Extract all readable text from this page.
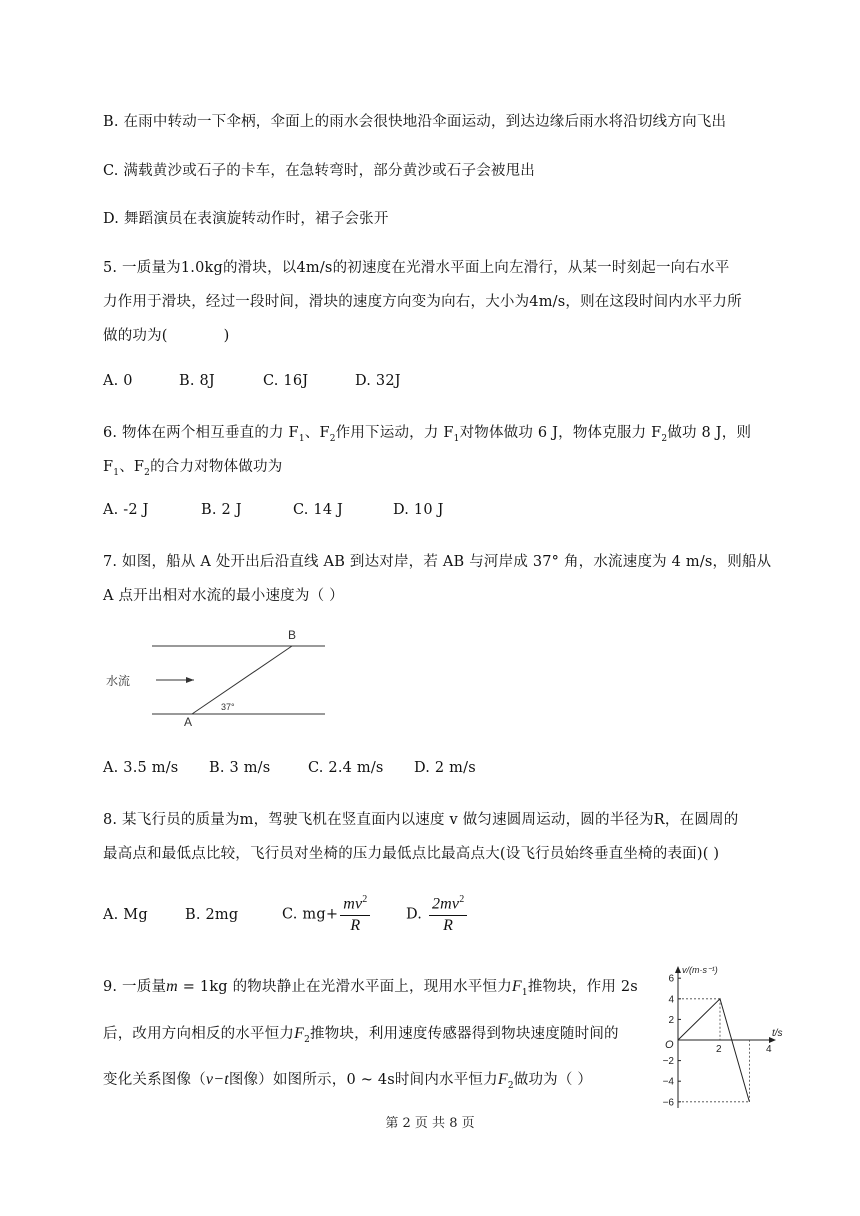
B. 在雨中转动一下伞柄，伞面上的雨水会很快地沿伞面运动，到达边缘后雨水将沿切线方向飞出
C. 满载黄沙或石子的卡车，在急转弯时，部分黄沙或石子会被甩出
D. 舞蹈演员在表演旋转动作时，裙子会张开
5. 一质量为1.0kg的滑块，以4m/s的初速度在光滑水平面上向左滑行，从某一时刻起一向右水平
力作用于滑块，经过一段时间，滑块的速度方向变为向右，大小为4m/s，则在这段时间内水平力所
做的功为(	)
A. 0	B. 8J	C. 16J	D. 32J
6. 物体在两个相互垂直的力 $F_1$、$F_2$作用下运动，力 $F_1$对物体做功 6 J，物体克服力 $F_2$做功 8 J，则
$F_1$、$F_2$的合力对物体做功为
A. -2 J	B. 2 J	C. 14 J	D. 10 J
7. 如图，船从 A 处开出后沿直线 AB 到达对岸，若 AB 与河岸成 37° 角，水流速度为 4 m/s，则船从
A 点开出相对水流的最小速度为（ ）
B
A
水流
37°
A. 3.5 m/s B. 3 m/s	C. 2.4 m/s D. 2 m/s
8. 某飞行员的质量为m，驾驶飞机在竖直面内以速度 v 做匀速圆周运动，圆的半径为R，在圆周的
最高点和最低点比较，飞行员对坐椅的压力最低点比最高点大(设飞行员始终垂直坐椅的表面)( )
A. Mg	B. 2mg	C. $mg+ \frac{mv^2}{R} D$. $\frac{2mv^2}{R}$
9. 一质量m = 1kg 的物块静止在光滑水平面上，现用水平恒力$F_1$推物块，作用 2s
后，改用方向相反的水平恒力$F_2$推物块，利用速度传感器得到物块速度随时间的
变化关系图像（v−t图像）如图所示，0 ~ 4s时间内水平恒力$F_2$做功为（ ）
v/(m·s⁻¹)
t/s
O
6
4
2
−2
−4
−6
2	4
第 2 页 共 8 页
